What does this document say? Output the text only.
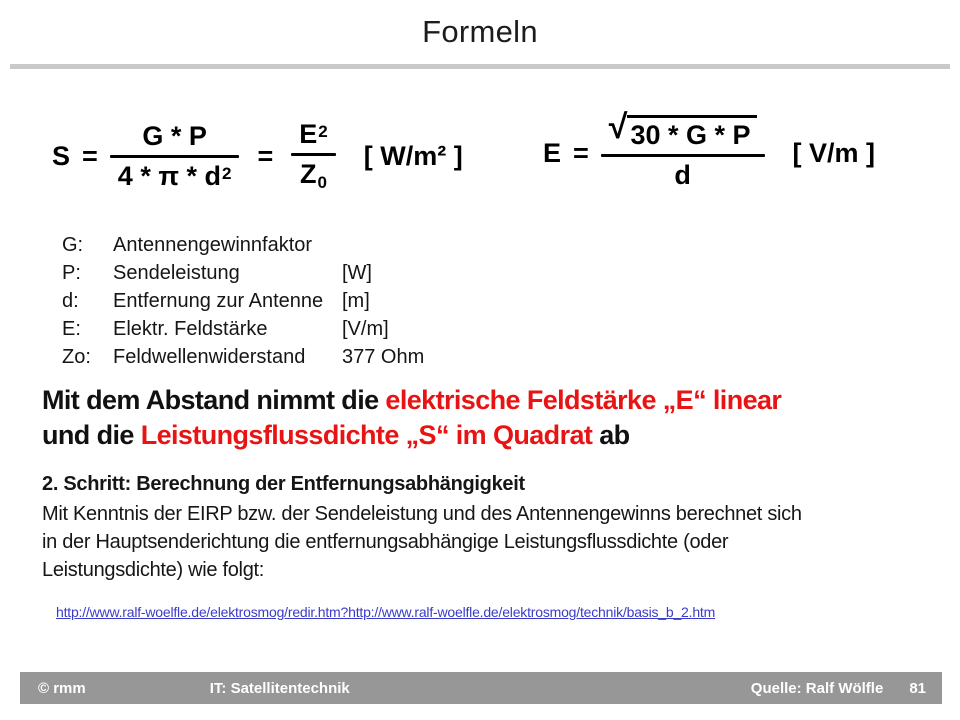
Formeln
$S = \frac{G * P}{4 * \pi * d^2} = \frac{E^2}{Z_0}$ [ W/m² ]	$E = \frac{√ 30 * G * P}{d}$ [ V/m ]
G:	Antennengewinnfaktor
P:	Sendeleistung	[W]
d:	Entfernung zur Antenne [m]
E:	Elektr. Feldstärke	[V/m]
Zo:	Feldwellenwiderstand	377 Ohm
Mit dem Abstand nimmt die elektrische Feldstärke „E“ linear
und die Leistungsflussdichte „S“ im Quadrat ab
2. Schritt: Berechnung der Entfernungsabhängigkeit
Mit Kenntnis der EIRP bzw. der Sendeleistung und des Antennengewinns berechnet sich
in der Hauptsenderichtung die entfernungsabhängige Leistungsflussdichte (oder
Leistungsdichte) wie folgt:
http://www.ralf-woelfle.de/elektrosmog/redir.htm?http://www.ralf-woelfle.de/elektrosmog/technik/basis_b_2.htm
© rmm	IT: Satellitentechnik	Quelle: Ralf Wölfle 81
